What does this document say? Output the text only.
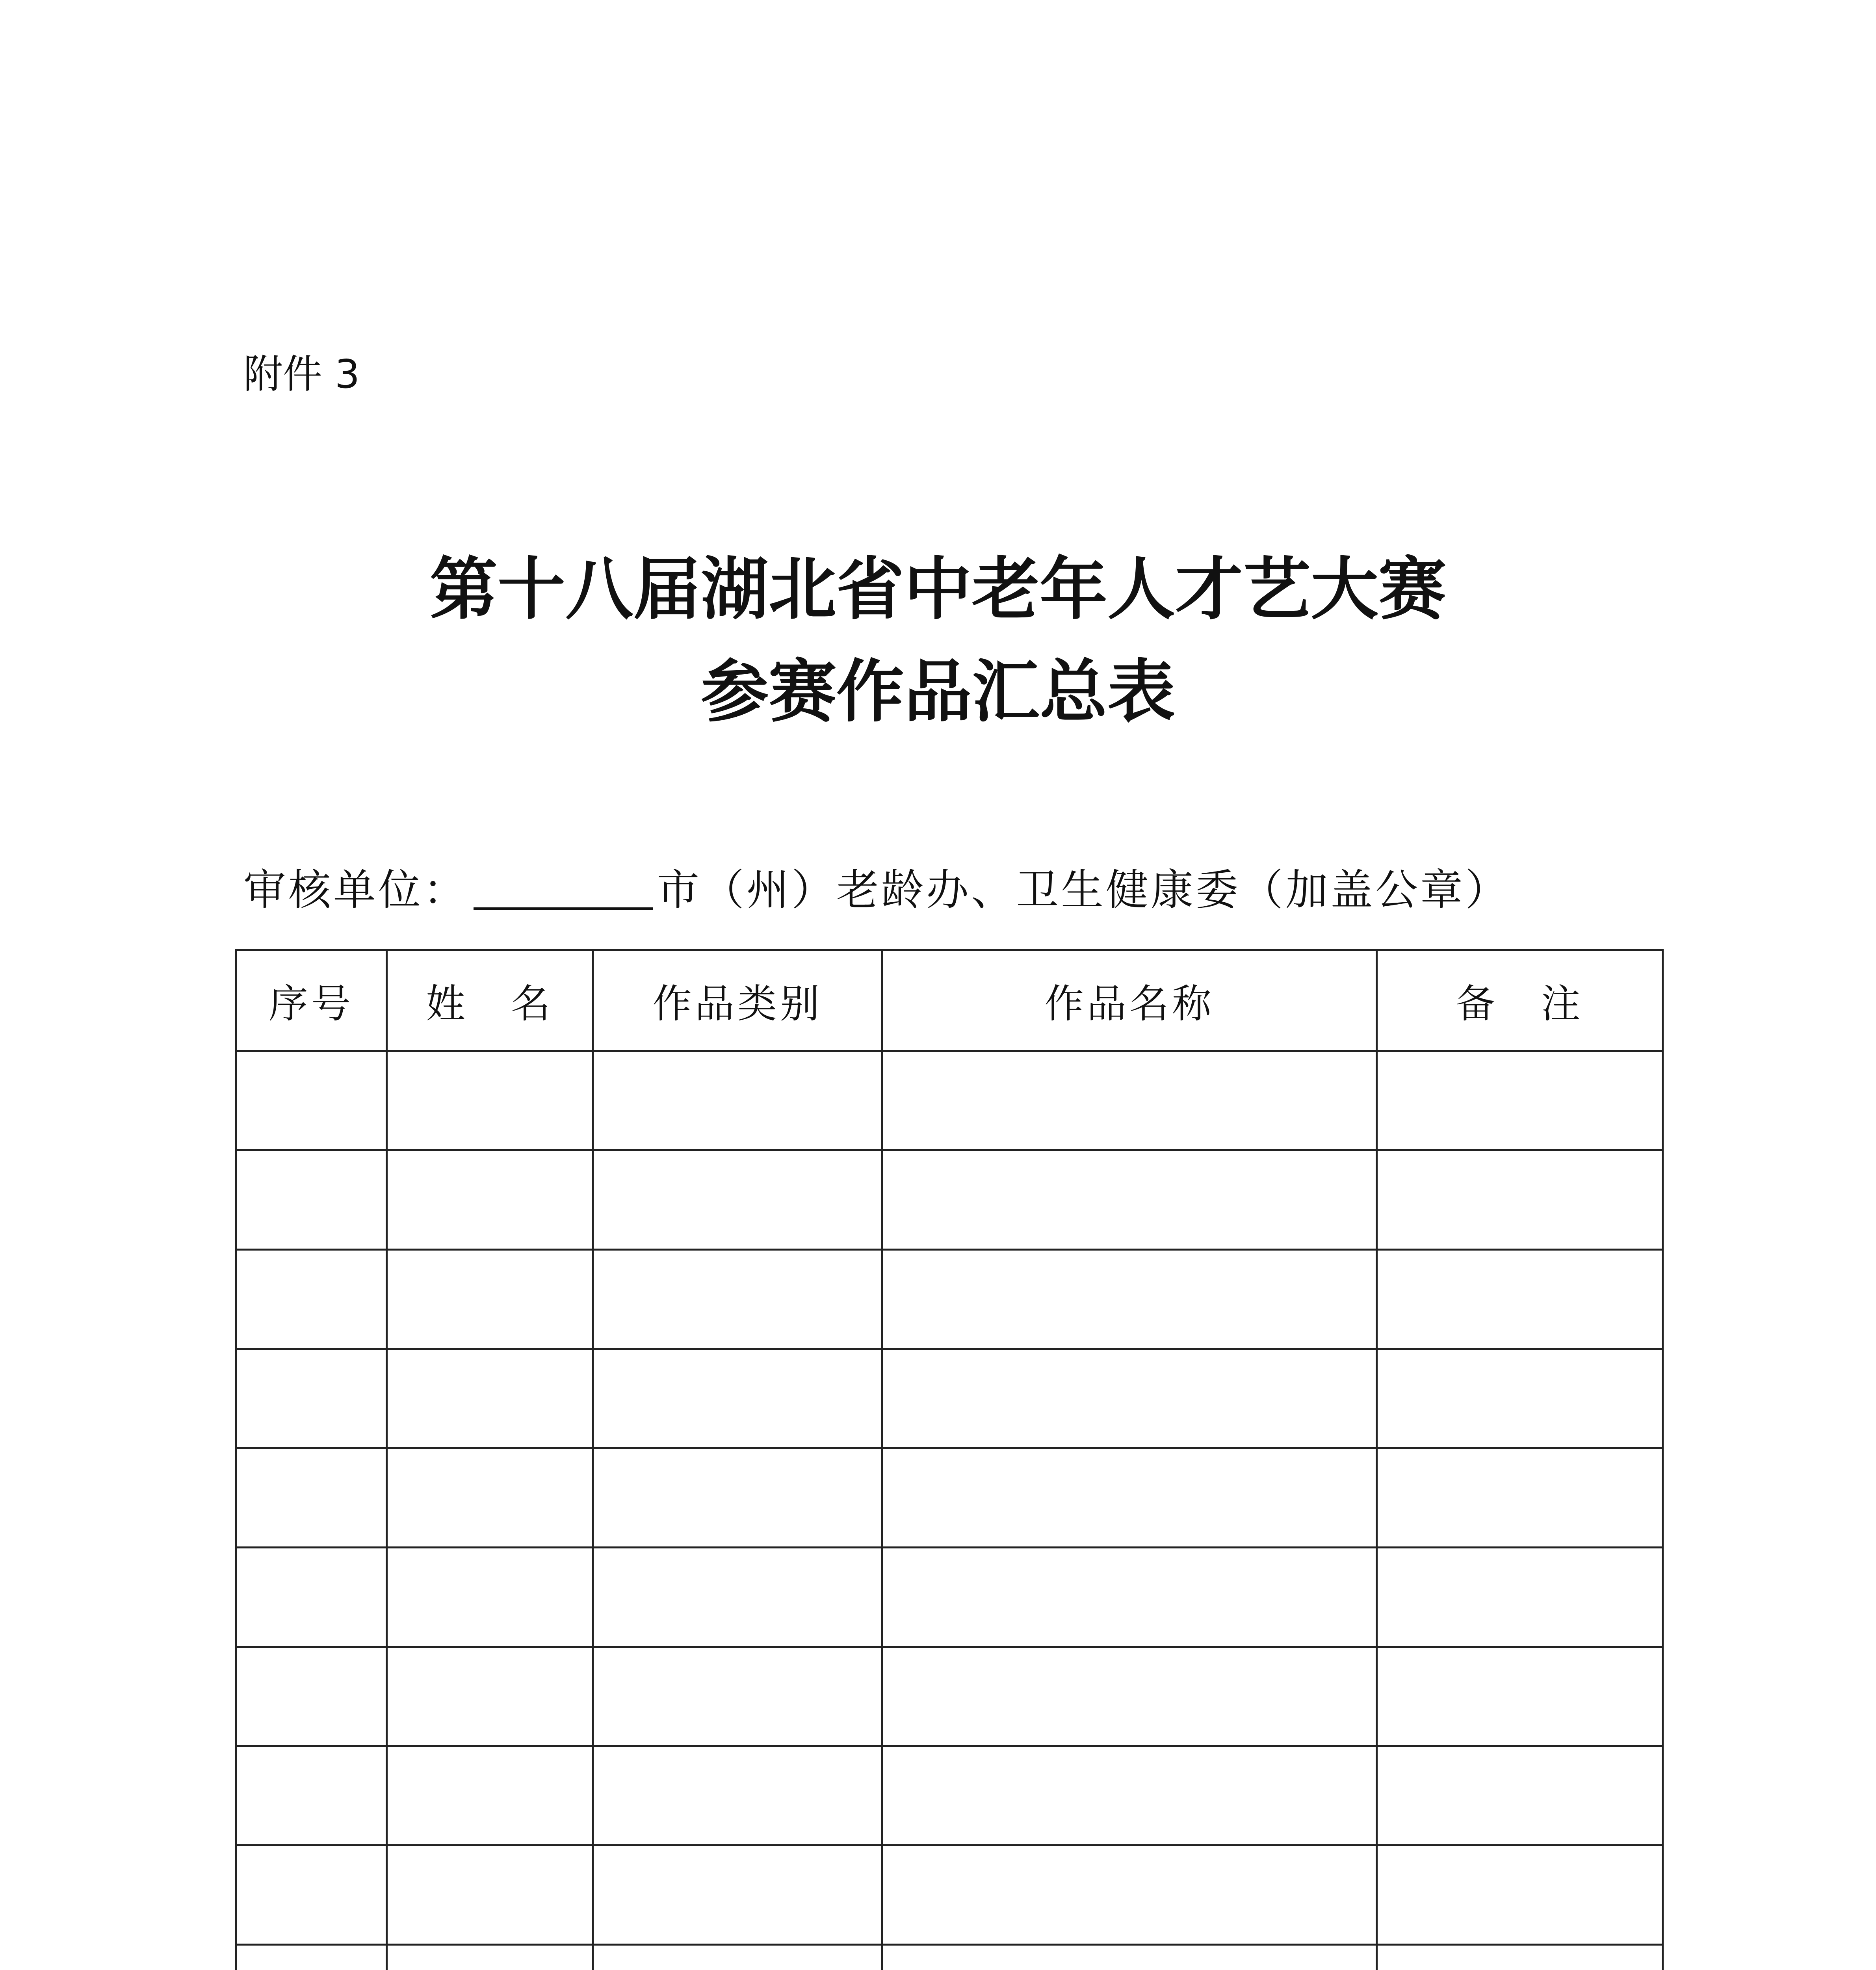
附件 3
第十八届湖北省中老年人才艺大赛
参赛作品汇总表
审核单位：	市（州）老龄办、卫生健康委（加盖公章）
序号	姓　名	作品类别	作品名称	备　注
